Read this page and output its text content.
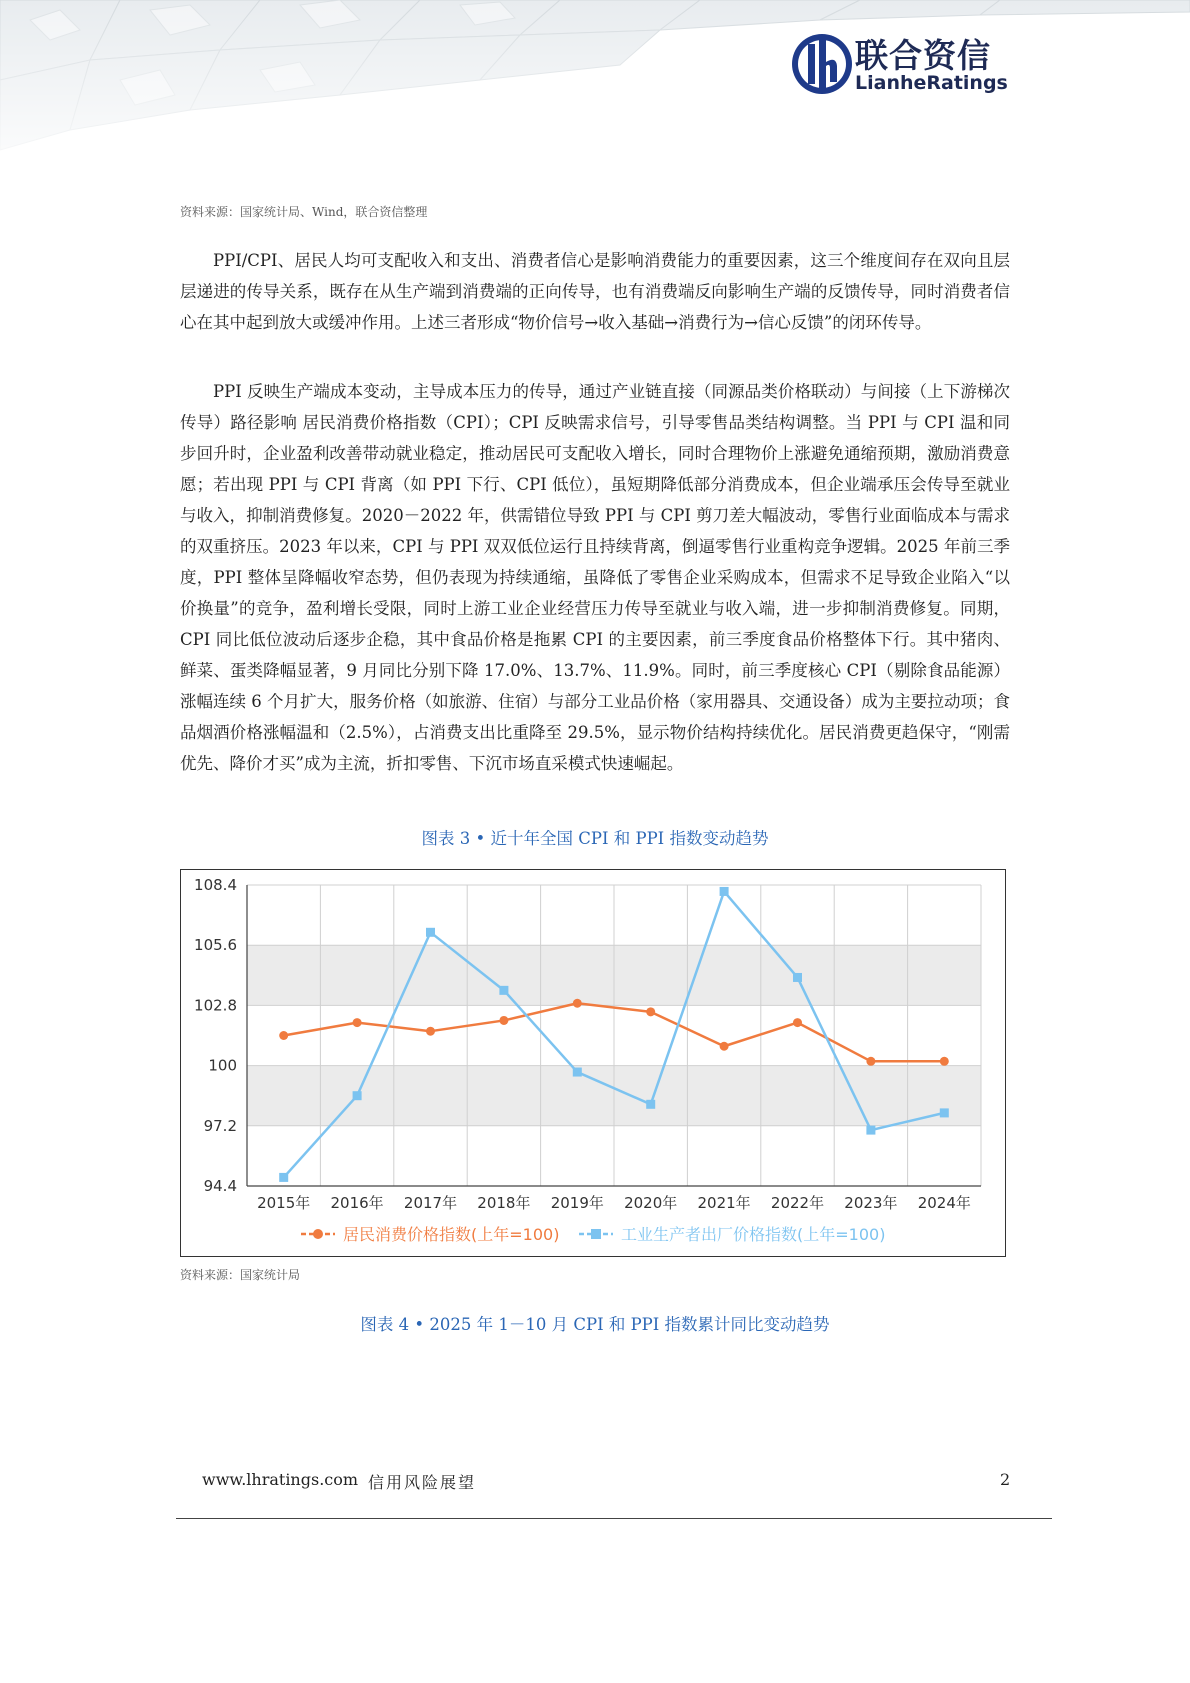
联合资信
LianheRatings
资料来源：国家统计局、Wind，联合资信整理

PPI/CPI、居民人均可支配收入和支出、消费者信心是影响消费能力的重要因素，这三个维度间存在双向且层层递进的传导关系，既存在从生产端到消费端的正向传导，也有消费端反向影响生产端的反馈传导，同时消费者信心在其中起到放大或缓冲作用。上述三者形成“物价信号→收入基础→消费行为→信心反馈”的闭环传导。

PPI 反映生产端成本变动，主导成本压力的传导，通过产业链直接（同源品类价格联动）与间接（上下游梯次传导）路径影响 居民消费价格指数（CPI）；CPI 反映需求信号，引导零售品类结构调整。当 PPI 与 CPI 温和同步回升时，企业盈利改善带动就业稳定，推动居民可支配收入增长，同时合理物价上涨避免通缩预期，激励消费意愿；若出现 PPI 与 CPI 背离（如 PPI 下行、CPI 低位），虽短期降低部分消费成本，但企业端承压会传导至就业与收入，抑制消费修复。2020－2022 年，供需错位导致 PPI 与 CPI 剪刀差大幅波动，零售行业面临成本与需求的双重挤压。2023 年以来，CPI 与 PPI 双双低位运行且持续背离，倒逼零售行业重构竞争逻辑。2025 年前三季度，PPI 整体呈降幅收窄态势，但仍表现为持续通缩，虽降低了零售企业采购成本，但需求不足导致企业陷入“以价换量”的竞争，盈利增长受限，同时上游工业企业经营压力传导至就业与收入端，进一步抑制消费修复。同期，CPI 同比低位波动后逐步企稳，其中食品价格是拖累 CPI 的主要因素，前三季度食品价格整体下行。其中猪肉、鲜菜、蛋类降幅显著，9 月同比分别下降 17.0%、13.7%、11.9%。同时，前三季度核心 CPI（剔除食品能源）涨幅连续 6 个月扩大，服务价格（如旅游、住宿）与部分工业品价格（家用器具、交通设备）成为主要拉动项；食品烟酒价格涨幅温和（2.5%），占消费支出比重降至 29.5%，显示物价结构持续优化。居民消费更趋保守，“刚需优先、降价才买”成为主流，折扣零售、下沉市场直采模式快速崛起。

图表 3 • 近十年全国 CPI 和 PPI 指数变动趋势
108.4
105.6
102.8
100
97.2
94.4
2015年 2016年 2017年 2018年 2019年 2020年 2021年 2022年 2023年 2024年
居民消费价格指数(上年=100)	工业生产者出厂价格指数(上年=100)
资料来源：国家统计局
图表 4 • 2025 年 1－10 月 CPI 和 PPI 指数累计同比变动趋势
www.lhratings.com 信用风险展望	2
